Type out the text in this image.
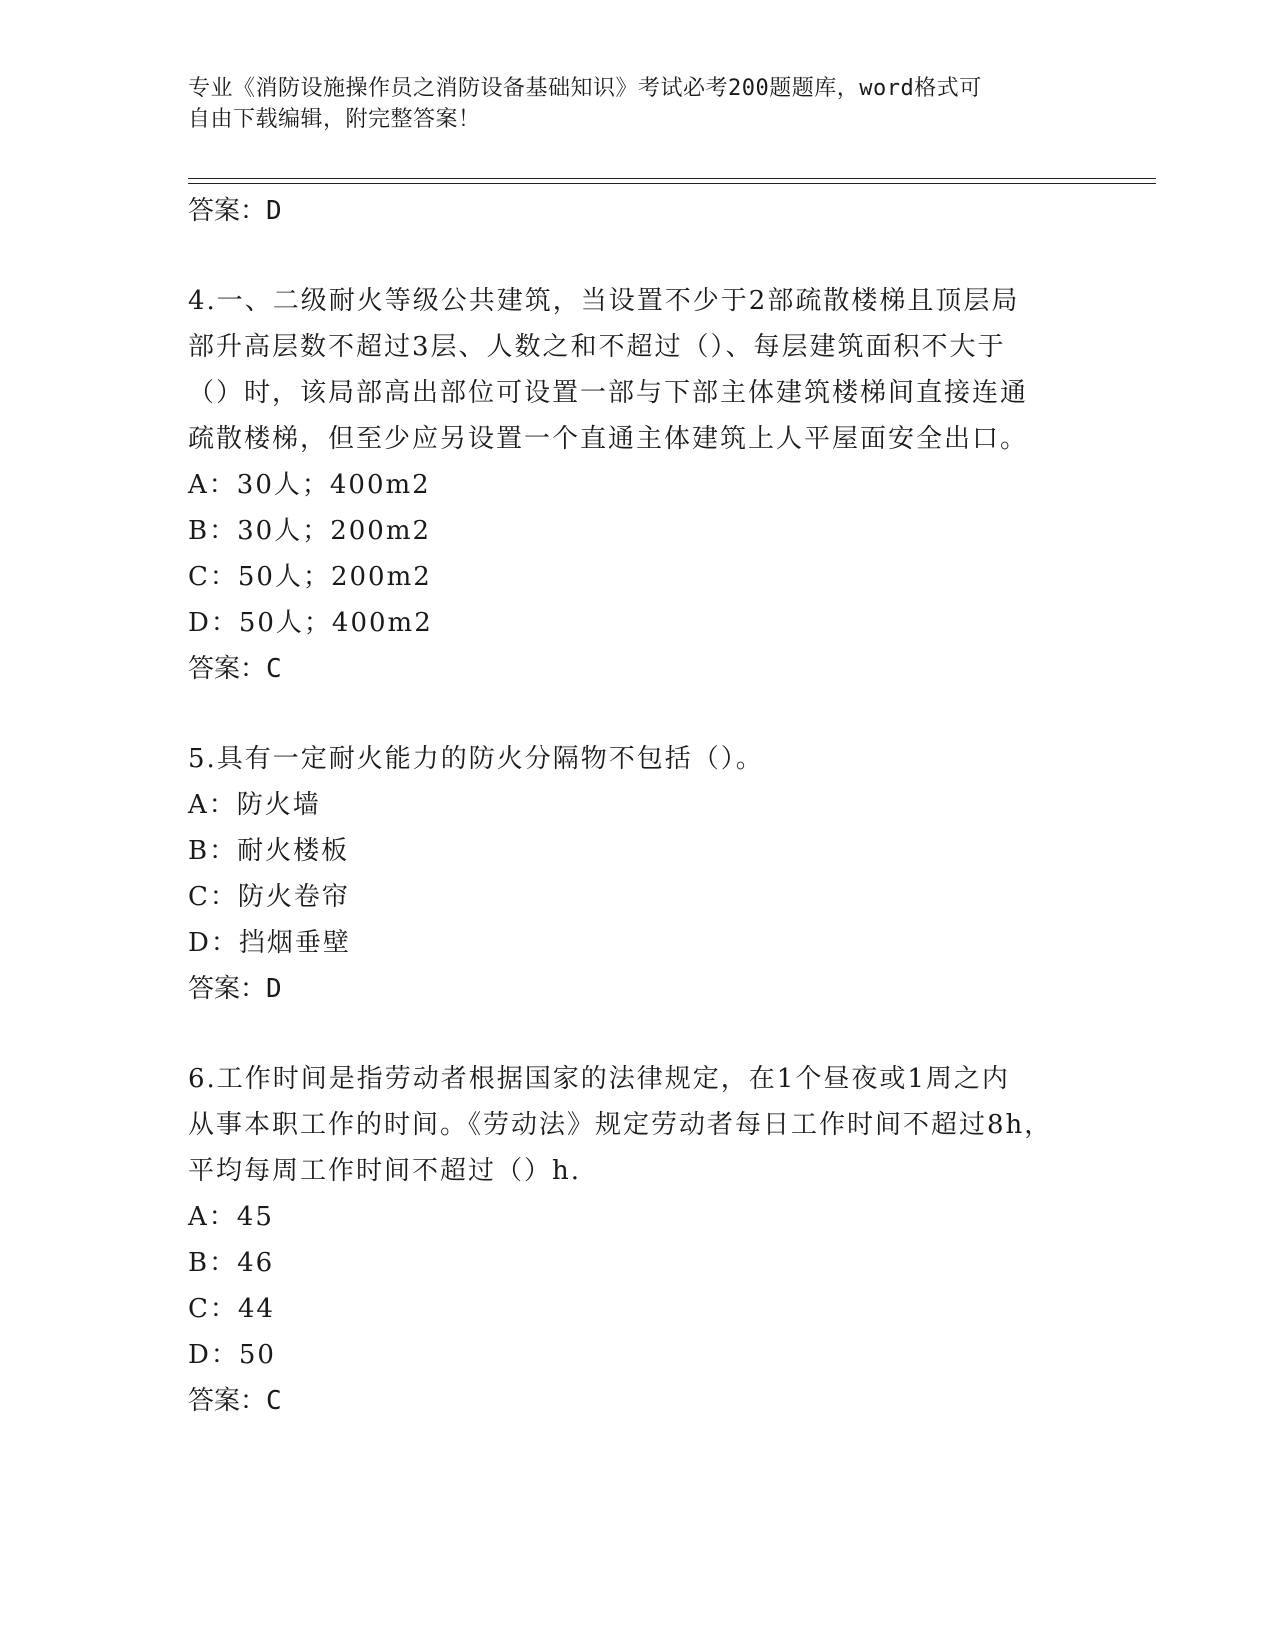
专业《消防设施操作员之消防设备基础知识》考试必考200题题库，word格式可
自由下载编辑，附完整答案！
答案：D
4.一、二级耐火等级公共建筑，当设置不少于2部疏散楼梯且顶层局
部升高层数不超过3层、人数之和不超过（）、每层建筑面积不大于
（）时，该局部高出部位可设置一部与下部主体建筑楼梯间直接连通
疏散楼梯，但至少应另设置一个直通主体建筑上人平屋面安全出口。
A：30人；400m2
B：30人；200m2
C：50人；200m2
D：50人；400m2
答案：C
5.具有一定耐火能力的防火分隔物不包括（）。
A：防火墙
B：耐火楼板
C：防火卷帘
D：挡烟垂壁
答案：D
6.工作时间是指劳动者根据国家的法律规定，在1个昼夜或1周之内
从事本职工作的时间。《劳动法》规定劳动者每日工作时间不超过8h，
平均每周工作时间不超过（）h.
A：45
B：46
C：44
D：50
答案：C
